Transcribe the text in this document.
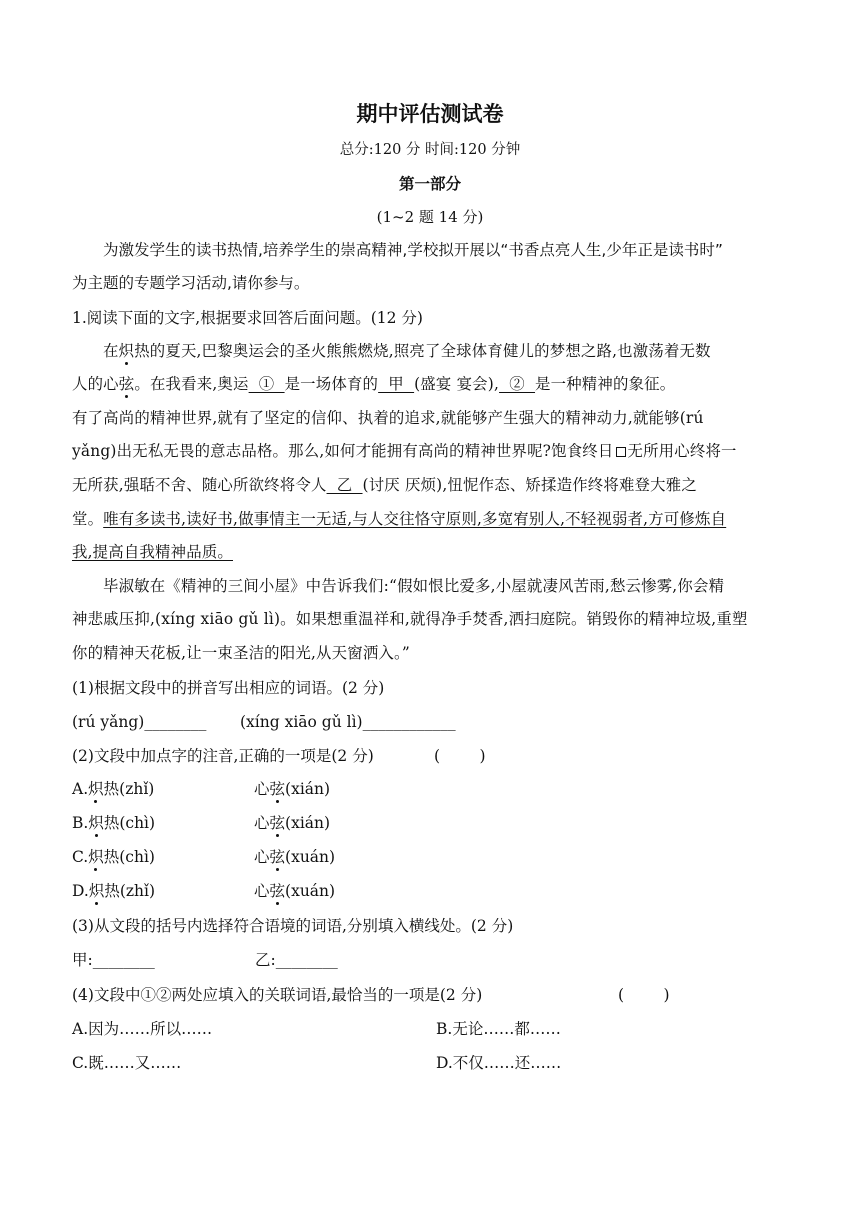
期中评估测试卷
总分:120 分 时间:120 分钟
第一部分
(1~2 题 14 分)
为激发学生的读书热情,培养学生的崇高精神,学校拟开展以“书香点亮人生,少年正是读书时”
为主题的专题学习活动,请你参与。
1.阅读下面的文字,根据要求回答后面问题。(12 分)
在炽热的夏天,巴黎奥运会的圣火熊熊燃烧,照亮了全球体育健儿的梦想之路,也激荡着无数
人的心弦。在我看来,奥运  ①  是一场体育的  甲  (盛宴 宴会),  ②  是一种精神的象征。
有了高尚的精神世界,就有了坚定的信仰、执着的追求,就能够产生强大的精神动力,就能够(rú
yǎng)出无私无畏的意志品格。那么,如何才能拥有高尚的精神世界呢?饱食终日 无所用心终将一
无所获,强聒不舍、随心所欲终将令人  乙  (讨厌 厌烦),忸怩作态、矫揉造作终将难登大雅之
堂。唯有多读书,读好书,做事情主一无适,与人交往恪守原则,多宽宥别人,不轻视弱者,方可修炼自
我,提高自我精神品质。
毕淑敏在《精神的三间小屋》中告诉我们:“假如恨比爱多,小屋就凄风苦雨,愁云惨雾,你会精
神悲戚压抑,(xíng xiāo gǔ lì)。如果想重温祥和,就得净手焚香,洒扫庭院。销毁你的精神垃圾,重塑
你的精神天花板,让一束圣洁的阳光,从天窗洒入。”
(1)根据文段中的拼音写出相应的词语。(2 分)
(rú yǎng)________ (xíng xiāo gǔ lì)____________
(2)文段中加点字的注音,正确的一项是(2 分)	(        )
A.炽热(zhǐ)	心弦(xián)
B.炽热(chì)	心弦(xián)
C.炽热(chì)	心弦(xuán)
D.炽热(zhǐ)	心弦(xuán)
(3)从文段的括号内选择符合语境的词语,分别填入横线处。(2 分)
甲:________	乙:________
(4)文段中①②两处应填入的关联词语,最恰当的一项是(2 分)	(        )
A.因为……所以……	B.无论……都……
C.既……又……	D.不仅……还……
